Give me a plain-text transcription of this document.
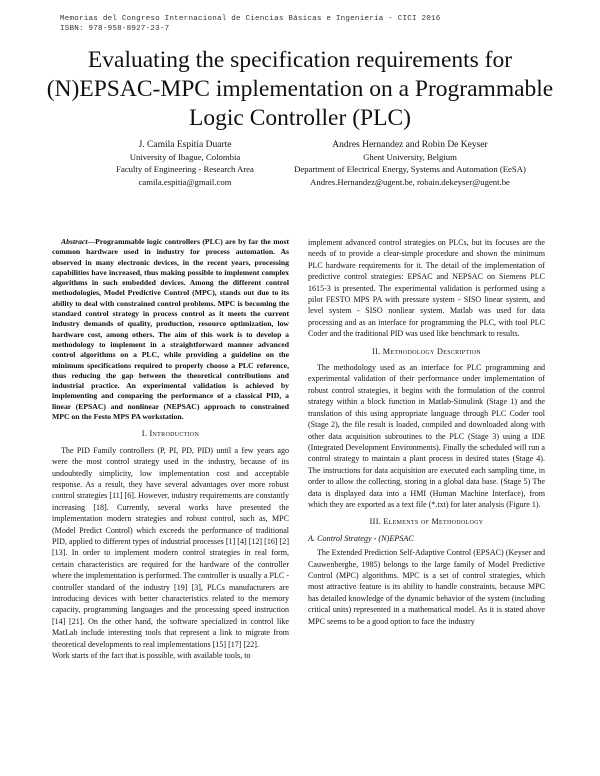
Memorias del Congreso Internacional de Ciencias Básicas e Ingeniería - CICI 2016
ISBN: 978-958-8927-23-7
Evaluating the specification requirements for (N)EPSAC-MPC implementation on a Programmable Logic Controller (PLC)
J. Camila Espitia Duarte
University of Ibague, Colombia
Faculty of Engineering - Research Area
camila.espitia@gmail.com
Andres Hernandez and Robin De Keyser
Ghent University, Belgium
Department of Electrical Energy, Systems and Automation (EeSA)
Andres.Hernandez@ugent.be, robain.dekeyser@ugent.be

Abstract—Programmable logic controllers (PLC) are by far the most common hardware used in industry for process automation. As observed in many electronic devices, in the recent years, processing capabilities have increased, thus making possible to implement complex algorithms in such embedded devices. Among the different control methodologies, Model Predictive Control (MPC), stands out due to its ability to deal with constrained control problems. MPC is becoming the standard control strategy in process control as it meets the current industry demands of quality, production, resource optimization, low hardware cost, among others. The aim of this work is to develop a methodology to implement in a straightforward manner advanced control algorithms on a PLC, while providing a guideline on the minimum specifications required to properly choose a PLC reference, thus reducing the gap between the theoretical contributions and industrial practice. An experimental validation is achieved by implementing and comparing the performance of a classical PID, a linear (EPSAC) and nonlinear (NEPSAC) approach to constrained MPC on the Festo MPS PA workstation.

I. Introduction

The PID Family controllers (P, PI, PD, PID) until a few years ago were the most control strategy used in the industry, because of its undoubtedly simplicity, low implementation cost and acceptable response. As a result, they have several advantages over more robust control strategies [11] [6]. However, industry requirements are constantly increasing [18]. Currently, several works have presented the implementation modern strategies and robust control, such as, MPC (Model Predict Control) which exceeds the performance of traditional PID, applied to different types of industrial processes [1] [4] [12] [16] [2] [13]. In order to implement modern control strategies in real form, certain characteristics are required for the hardware of the controller where the implementation is performed. The controller is usually a PLC - controller standard of the industry [19] [3], PLCs manufacturers are introducing devices with better characteristics related to the memory capacity, programming languages and the processing speed instruction [14] [21]. On the other hand, the software specialized in control like MatLab include interesting tools that represent a link to migrate from theoretical developments to real implementations [15] [17] [22].

Work starts of the fact that is possible, with available tools, to

implement advanced control strategies on PLCs, but its focuses are the needs of to provide a clear-simple procedure and shown the minimum PLC hardware requirements for it. The detail of the implementation of predictive control strategies: EPSAC and NEPSAC on Siemens PLC 1615-3 is presented. The experimental validation is performed using a pilot FESTO MPS PA with pressure system - SISO linear system, and level system - SISO nonliear system. Matlab was used for data processing and as an interface for programming the PLC, with tool PLC Coder and the traditional PID was used like benchmark to results.

II. Methodology Description

The methodology used as an interface for PLC programming and experimental validation of their performance under implementation of robust control strategies, it begins with the formulation of the control strategy within a block function in Matlab-Simulink (Stage 1) and the translation of this using appropriate language through PLC Coder tool (Stage 2), the file result is loaded, compiled and downloaded along with other data acquisition subroutines to the PLC (Stage 3) using a IDE (Integrated Development Environments). Finally the scheduled will run a control strategy to maintain a plant process in desired states (Stage 4). The instructions for data acquisition are executed each sampling time, in order to allow the collecting, storing in a global data base. (Stage 5) The data is displayed data into a HMI (Human Machine Interface), from which they are exported as a text file (*.txt) for later analysis (Figure 1).

III. Elements of Methodology
A. Control Strategy - (N)EPSAC

The Extended Prediction Self-Adaptive Control (EPSAC) (Keyser and Cauwenberghe, 1985) belongs to the large family of Model Predictive Control (MPC) algorithms. MPC is a set of control strategies, which most attractive feature is its ability to handle constraints, because MPC has detailed knowledge of the dynamic behavior of the system (including critical units) represented in a mathematical model. As it is stated above MPC seems to be a good option to face the industry
